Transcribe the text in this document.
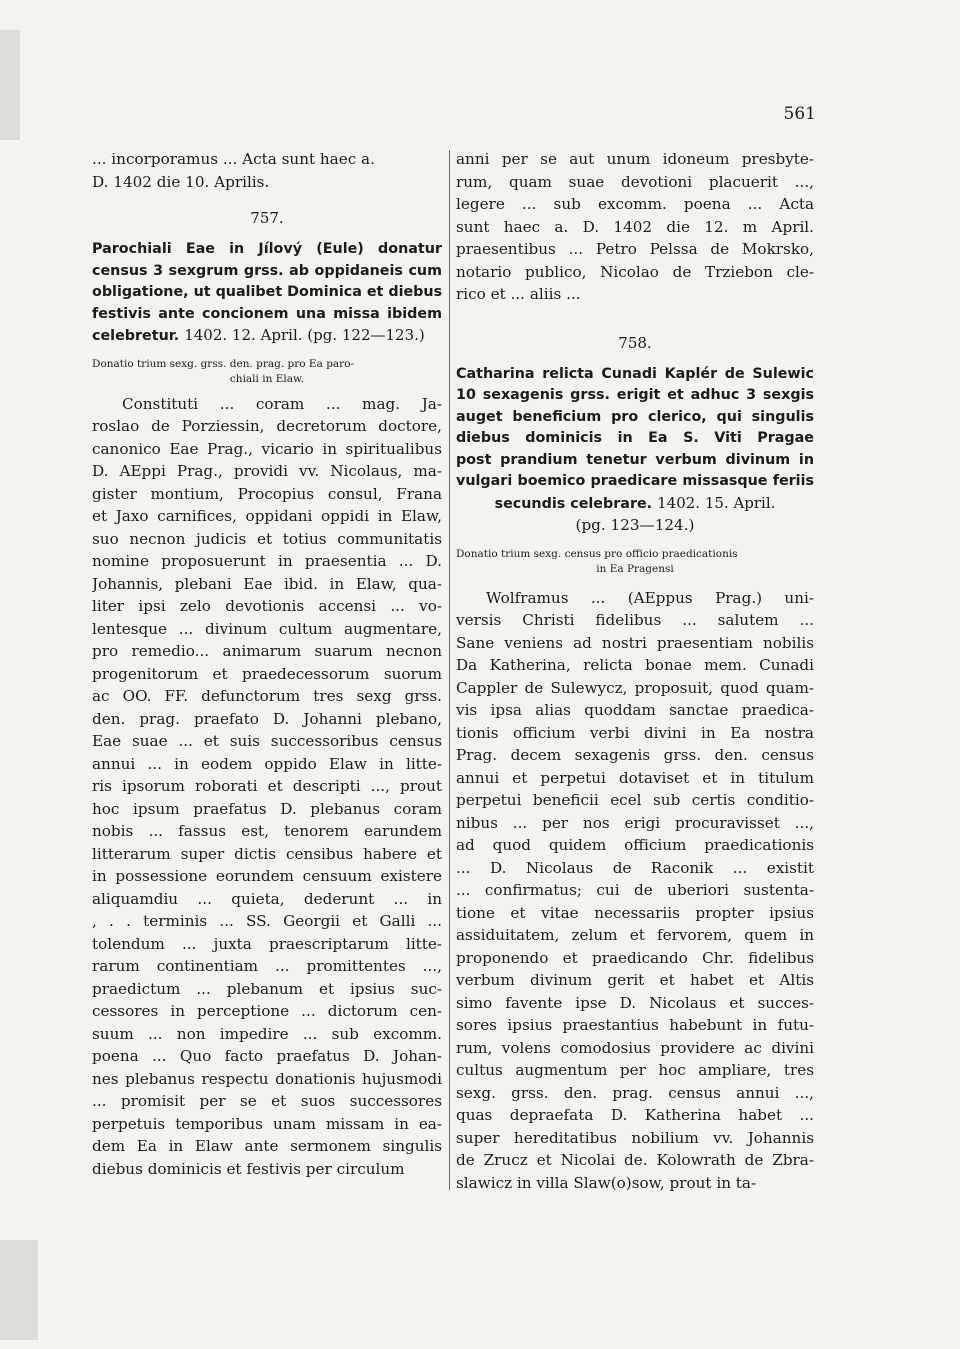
561
... incorporamus ... Acta sunt haec a.
D. 1402 die 10. Aprilis.
757.
Parochiali Eae in Jílový (Eule) donatur
census 3 sexgrum grss. ab oppidaneis cum
obligatione, ut qualibet Dominica et diebus
festivis ante concionem una missa ibidem
celebretur. 1402. 12. April. (pg. 122—123.)
Donatio trium sexg. grss. den. prag. pro Ea paro-
chiali in Elaw.
Constituti ... coram ... mag. Ja-
roslao de Porziessin, decretorum doctore,
canonico Eae Prag., vicario in spiritualibus
D. AEppi Prag., providi vv. Nicolaus, ma-
gister montium, Procopius consul, Frana
et Jaxo carnifices, oppidani oppidi in Elaw,
suo necnon judicis et totius communitatis
nomine proposuerunt in praesentia ... D.
Johannis, plebani Eae ibid. in Elaw, qua-
liter ipsi zelo devotionis accensi ... vo-
lentesque ... divinum cultum augmentare,
pro remedio... animarum suarum necnon
progenitorum et praedecessorum suorum
ac OO. FF. defunctorum tres sexg grss.
den. prag. praefato D. Johanni plebano,
Eae suae ... et suis successoribus census
annui ... in eodem oppido Elaw in litte-
ris ipsorum roborati et descripti ..., prout
hoc ipsum praefatus D. plebanus coram
nobis ... fassus est, tenorem earundem
litterarum super dictis censibus habere et
in possessione eorundem censuum existere
aliquamdiu ... quieta, dederunt ... in
, . . terminis ... SS. Georgii et Galli ...
tolendum ... juxta praescriptarum litte-
rarum continentiam ... promittentes ...,
praedictum ... plebanum et ipsius suc-
cessores in perceptione ... dictorum cen-
suum ... non impedire ... sub excomm.
poena ... Quo facto praefatus D. Johan-
nes plebanus respectu donationis hujusmodi
... promisit per se et suos successores
perpetuis temporibus unam missam in ea-
dem Ea in Elaw ante sermonem singulis
diebus dominicis et festivis per circulum
anni per se aut unum idoneum presbyte-
rum, quam suae devotioni placuerit ...,
legere ... sub excomm. poena ... Acta
sunt haec a. D. 1402 die 12. m April.
praesentibus ... Petro Pelssa de Mokrsko,
notario publico, Nicolao de Trziebon cle-
rico et ... aliis ...
758.
Catharina relicta Cunadi Kaplér de Sulewic
10 sexagenis grss. erigit et adhuc 3 sexgis
auget beneficium pro clerico, qui singulis
diebus dominicis in Ea S. Viti Pragae
post prandium tenetur verbum divinum in
vulgari boemico praedicare missasque feriis
secundis celebrare. 1402. 15. April.
(pg. 123—124.)
Donatio trium sexg. census pro officio praedicationis
in Ea Pragensi
Wolframus ... (AEppus Prag.) uni-
versis Christi fidelibus ... salutem ...
Sane veniens ad nostri praesentiam nobilis
Da Katherina, relicta bonae mem. Cunadi
Cappler de Sulewycz, proposuit, quod quam-
vis ipsa alias quoddam sanctae praedica-
tionis officium verbi divini in Ea nostra
Prag. decem sexagenis grss. den. census
annui et perpetui dotaviset et in titulum
perpetui beneficii ecel sub certis conditio-
nibus ... per nos erigi procuravisset ...,
ad quod quidem officium praedicationis
... D. Nicolaus de Raconik ... existit
... confirmatus; cui de uberiori sustenta-
tione et vitae necessariis propter ipsius
assiduitatem, zelum et fervorem, quem in
proponendo et praedicando Chr. fidelibus
verbum divinum gerit et habet et Altis
simo favente ipse D. Nicolaus et succes-
sores ipsius praestantius habebunt in futu-
rum, volens comodosius providere ac divini
cultus augmentum per hoc ampliare, tres
sexg. grss. den. prag. census annui ...,
quas depraefata D. Katherina habet ...
super hereditatibus nobilium vv. Johannis
de Zrucz et Nicolai de. Kolowrath de Zbra-
slawicz in villa Slaw(o)sow, prout in ta-
